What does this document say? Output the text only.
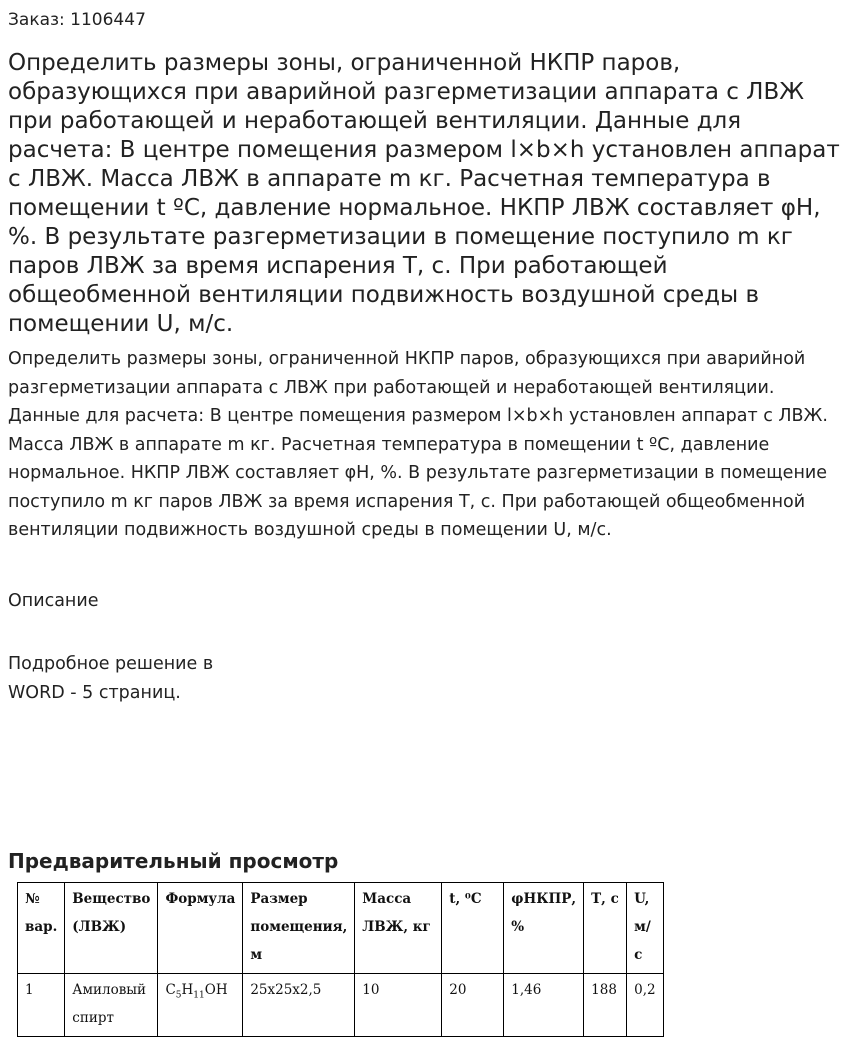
Заказ: 1106447

Определить размеры зоны, ограниченной НКПР паров, образующихся при аварийной разгерметизации аппарата с ЛВЖ при работающей и неработающей вентиляции. Данные для расчета: В центре помещения размером l×b×h установлен аппарат с ЛВЖ. Масса ЛВЖ в аппарате m кг. Расчетная температура в помещении t ºС, давление нормальное. НКПР ЛВЖ составляет φН, %. В результате разгерметизации в помещение поступило m кг паров ЛВЖ за время испарения Т, с. При работающей общеобменной вентиляции подвижность воздушной среды в помещении U, м/с.

Определить размеры зоны, ограниченной НКПР паров, образующихся при аварийной разгерметизации аппарата с ЛВЖ при работающей и неработающей вентиляции. Данные для расчета: В центре помещения размером l×b×h установлен аппарат с ЛВЖ. Масса ЛВЖ в аппарате m кг. Расчетная температура в помещении t ºС, давление нормальное. НКПР ЛВЖ составляет φН, %. В результате разгерметизации в помещение поступило m кг паров ЛВЖ за время испарения Т, с. При работающей общеобменной вентиляции подвижность воздушной среды в помещении U, м/с.

Описание

Подробное решение в WORD - 5 страниц.

Предварительный просмотр
№ вар.	Вещество (ЛВЖ)	Формула	Размер помещения, м	Масса ЛВЖ, кг	t, ⁰С	φНКПР, %	Т, с	U, м/с
1	Амиловый спирт	$C_5H_{11}OH$	25х25х2,5	10	20	1,46	188	0,2
